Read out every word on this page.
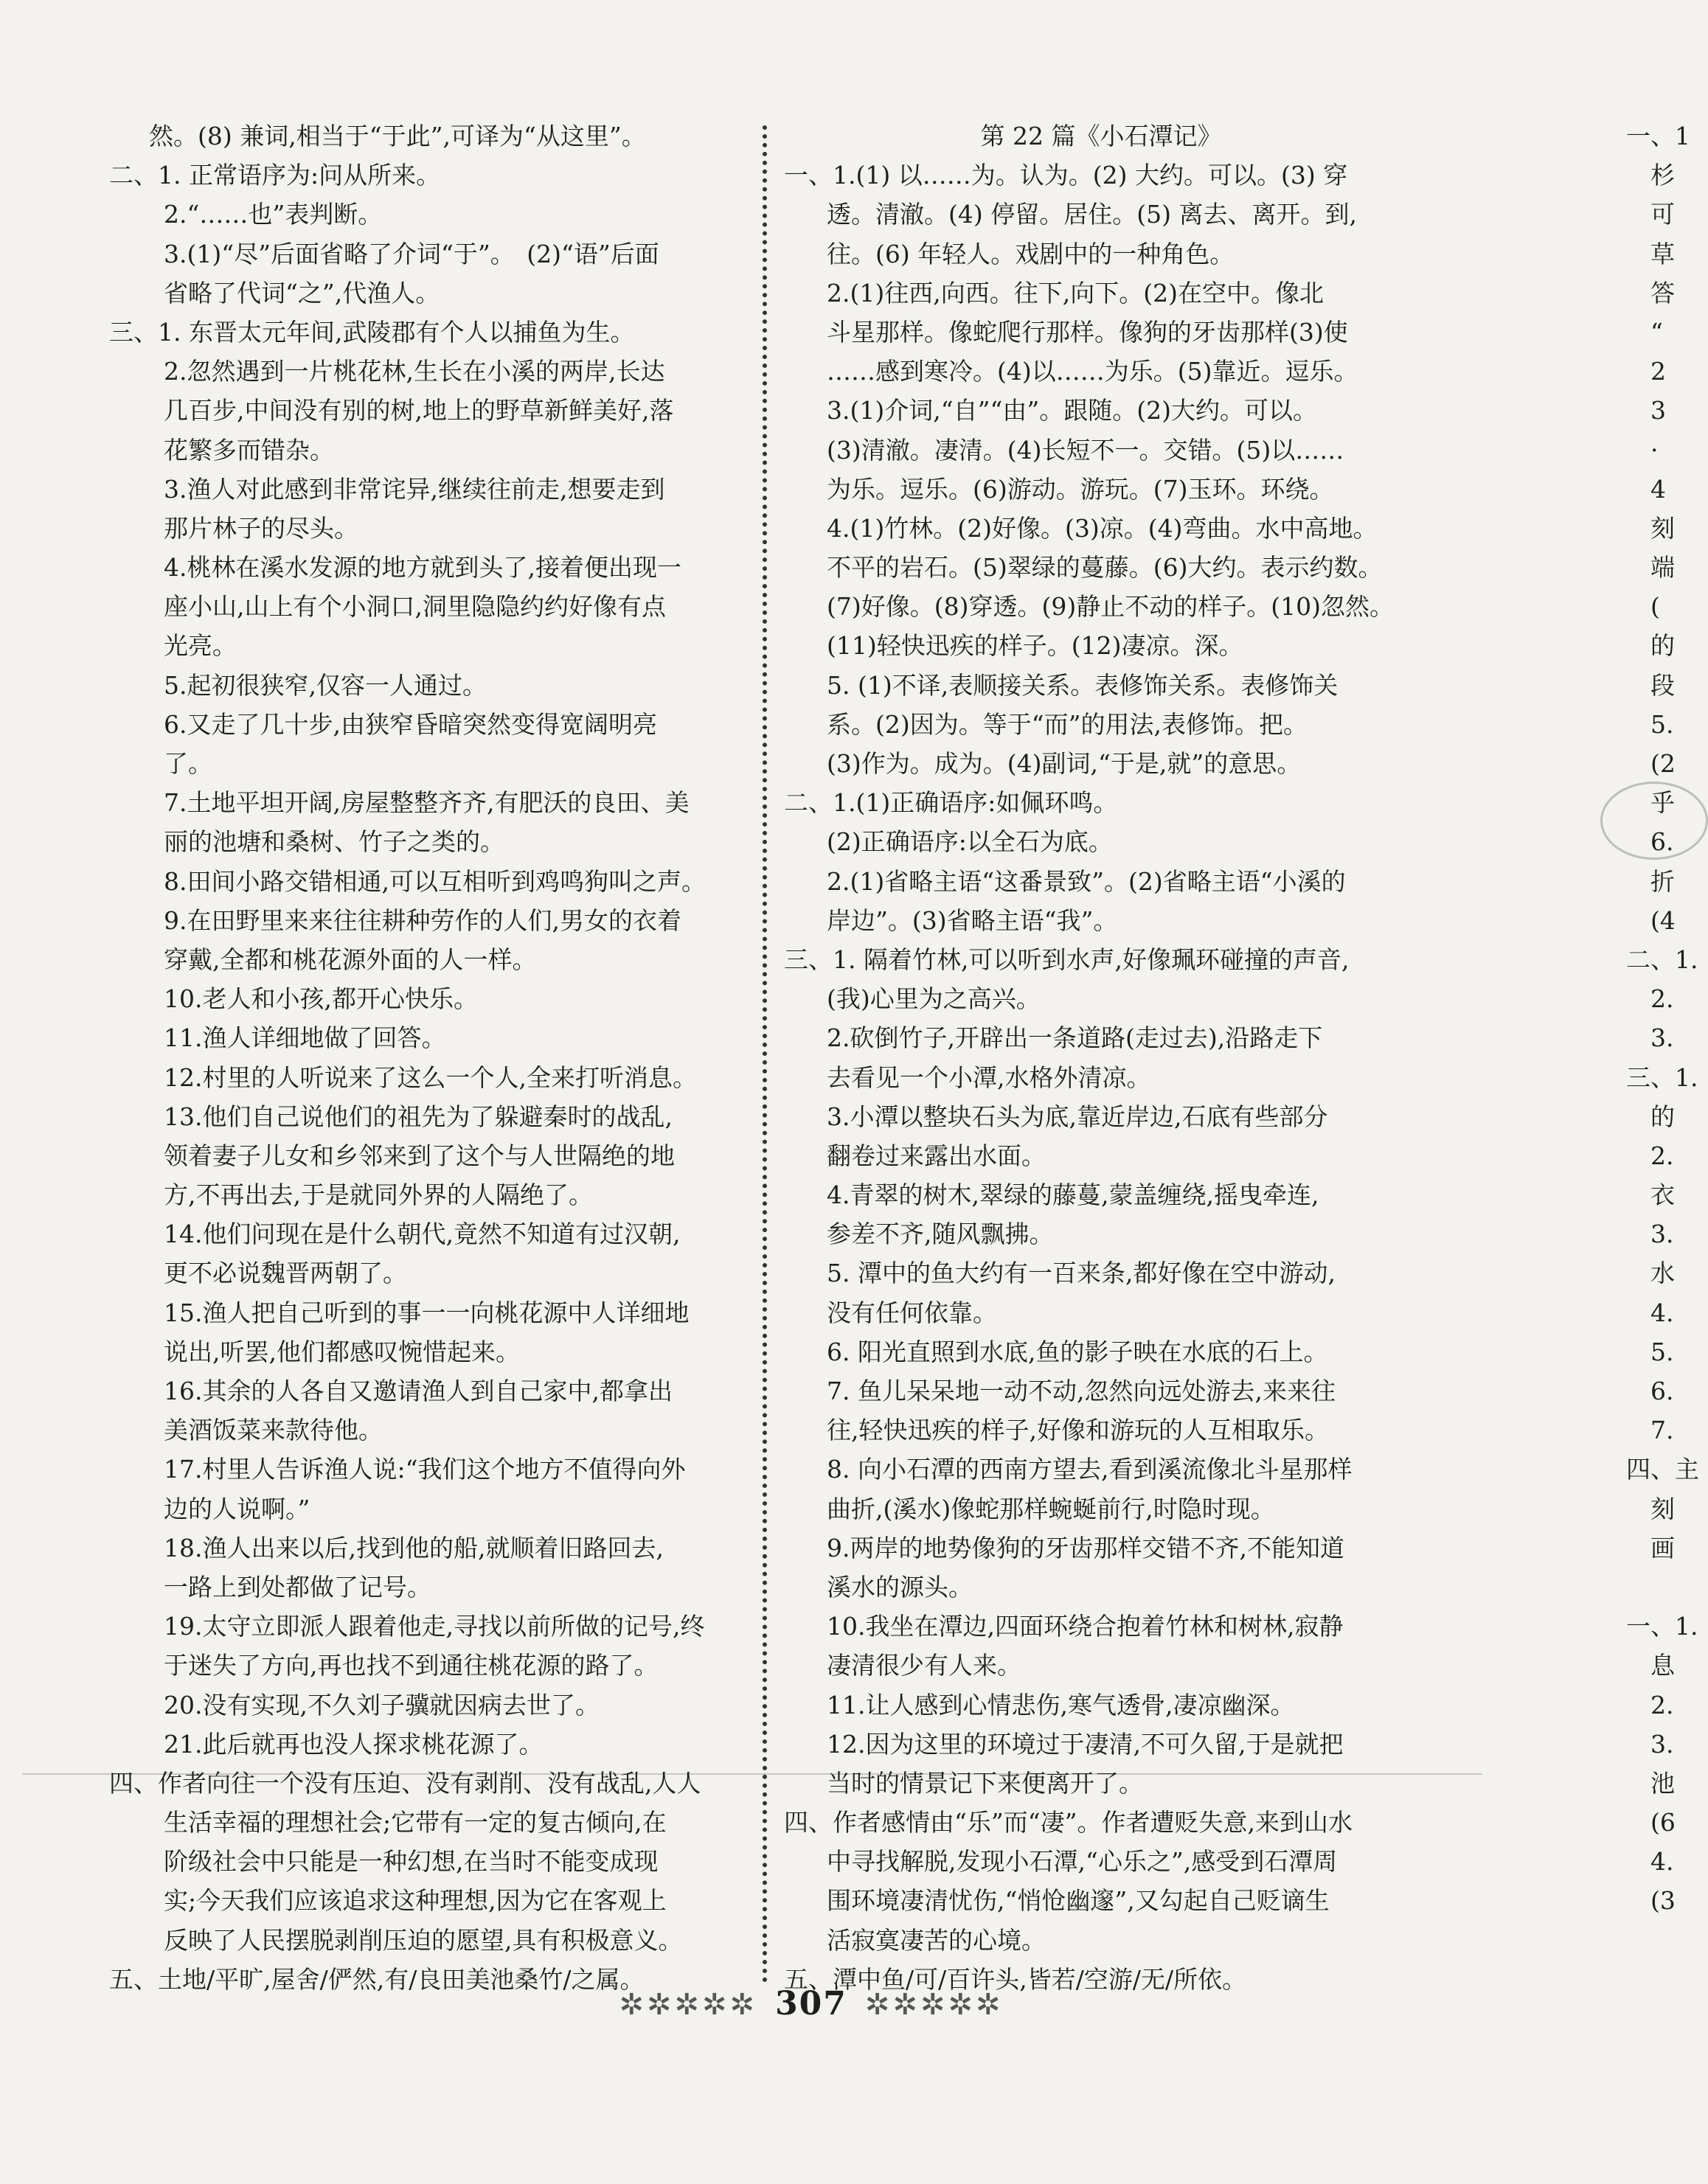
然。(8) 兼词,相当于“于此”,可译为“从这里”。
二、1. 正常语序为:问从所来。
2.“……也”表判断。
3.(1)“尽”后面省略了介词“于”。　(2)“语”后面
省略了代词“之”,代渔人。
三、1. 东晋太元年间,武陵郡有个人以捕鱼为生。
2.忽然遇到一片桃花林,生长在小溪的两岸,长达
几百步,中间没有别的树,地上的野草新鲜美好,落
花繁多而错杂。
3.渔人对此感到非常诧异,继续往前走,想要走到
那片林子的尽头。
4.桃林在溪水发源的地方就到头了,接着便出现一
座小山,山上有个小洞口,洞里隐隐约约好像有点
光亮。
5.起初很狭窄,仅容一人通过。
6.又走了几十步,由狭窄昏暗突然变得宽阔明亮
了。
7.土地平坦开阔,房屋整整齐齐,有肥沃的良田、美
丽的池塘和桑树、竹子之类的。
8.田间小路交错相通,可以互相听到鸡鸣狗叫之声。
9.在田野里来来往往耕种劳作的人们,男女的衣着
穿戴,全都和桃花源外面的人一样。
10.老人和小孩,都开心快乐。
11.渔人详细地做了回答。
12.村里的人听说来了这么一个人,全来打听消息。
13.他们自己说他们的祖先为了躲避秦时的战乱,
领着妻子儿女和乡邻来到了这个与人世隔绝的地
方,不再出去,于是就同外界的人隔绝了。
14.他们问现在是什么朝代,竟然不知道有过汉朝,
更不必说魏晋两朝了。
15.渔人把自己听到的事一一向桃花源中人详细地
说出,听罢,他们都感叹惋惜起来。
16.其余的人各自又邀请渔人到自己家中,都拿出
美酒饭菜来款待他。
17.村里人告诉渔人说:“我们这个地方不值得向外
边的人说啊。”
18.渔人出来以后,找到他的船,就顺着旧路回去,
一路上到处都做了记号。
19.太守立即派人跟着他走,寻找以前所做的记号,终
于迷失了方向,再也找不到通往桃花源的路了。
20.没有实现,不久刘子骥就因病去世了。
21.此后就再也没人探求桃花源了。
四、作者向往一个没有压迫、没有剥削、没有战乱,人人
生活幸福的理想社会;它带有一定的复古倾向,在
阶级社会中只能是一种幻想,在当时不能变成现
实;今天我们应该追求这种理想,因为它在客观上
反映了人民摆脱剥削压迫的愿望,具有积极意义。
五、土地/平旷,屋舍/俨然,有/良田美池桑竹/之属。
第 22 篇《小石潭记》
一、1.(1) 以……为。认为。(2) 大约。可以。(3) 穿
透。清澈。(4) 停留。居住。(5) 离去、离开。到,
往。(6) 年轻人。戏剧中的一种角色。
2.(1)往西,向西。往下,向下。(2)在空中。像北
斗星那样。像蛇爬行那样。像狗的牙齿那样(3)使
……感到寒冷。(4)以……为乐。(5)靠近。逗乐。
3.(1)介词,“自”“由”。跟随。(2)大约。可以。
(3)清澈。凄清。(4)长短不一。交错。(5)以……
为乐。逗乐。(6)游动。游玩。(7)玉环。环绕。
4.(1)竹林。(2)好像。(3)凉。(4)弯曲。水中高地。
不平的岩石。(5)翠绿的蔓藤。(6)大约。表示约数。
(7)好像。(8)穿透。(9)静止不动的样子。(10)忽然。
(11)轻快迅疾的样子。(12)凄凉。深。
5. (1)不译,表顺接关系。表修饰关系。表修饰关
系。(2)因为。等于“而”的用法,表修饰。把。
(3)作为。成为。(4)副词,“于是,就”的意思。
二、1.(1)正确语序:如佩环鸣。
(2)正确语序:以全石为底。
2.(1)省略主语“这番景致”。(2)省略主语“小溪的
岸边”。(3)省略主语“我”。
三、1. 隔着竹林,可以听到水声,好像珮环碰撞的声音,
(我)心里为之高兴。
2.砍倒竹子,开辟出一条道路(走过去),沿路走下
去看见一个小潭,水格外清凉。
3.小潭以整块石头为底,靠近岸边,石底有些部分
翻卷过来露出水面。
4.青翠的树木,翠绿的藤蔓,蒙盖缠绕,摇曳牵连,
参差不齐,随风飘拂。
5. 潭中的鱼大约有一百来条,都好像在空中游动,
没有任何依靠。
6. 阳光直照到水底,鱼的影子映在水底的石上。
7. 鱼儿呆呆地一动不动,忽然向远处游去,来来往
往,轻快迅疾的样子,好像和游玩的人互相取乐。
8. 向小石潭的西南方望去,看到溪流像北斗星那样
曲折,(溪水)像蛇那样蜿蜒前行,时隐时现。
9.两岸的地势像狗的牙齿那样交错不齐,不能知道
溪水的源头。
10.我坐在潭边,四面环绕合抱着竹林和树林,寂静
凄清很少有人来。
11.让人感到心情悲伤,寒气透骨,凄凉幽深。
12.因为这里的环境过于凄清,不可久留,于是就把
当时的情景记下来便离开了。
四、作者感情由“乐”而“凄”。作者遭贬失意,来到山水
中寻找解脱,发现小石潭,“心乐之”,感受到石潭周
围环境凄清忧伤,“悄怆幽邃”,又勾起自己贬谪生
活寂寞凄苦的心境。
五、潭中鱼/可/百许头,皆若/空游/无/所依。
一、1
　杉
　可
　草
　答
　“
　2
　3
　·
　4
　刻
　端
　(
　的
　段
　5.
　(2
　乎
　6.
　折
　(4
二、1.
　2.
　3.
三、1.
　的
　2.
　衣
　3.
　水
　4.
　5.
　6.
　7.
四、主
　刻
　画
一、1.
　息
　2.
　3.
　池
　(6
　4.
　(3
✲✲✲✲✲ 307 ✲✲✲✲✲
